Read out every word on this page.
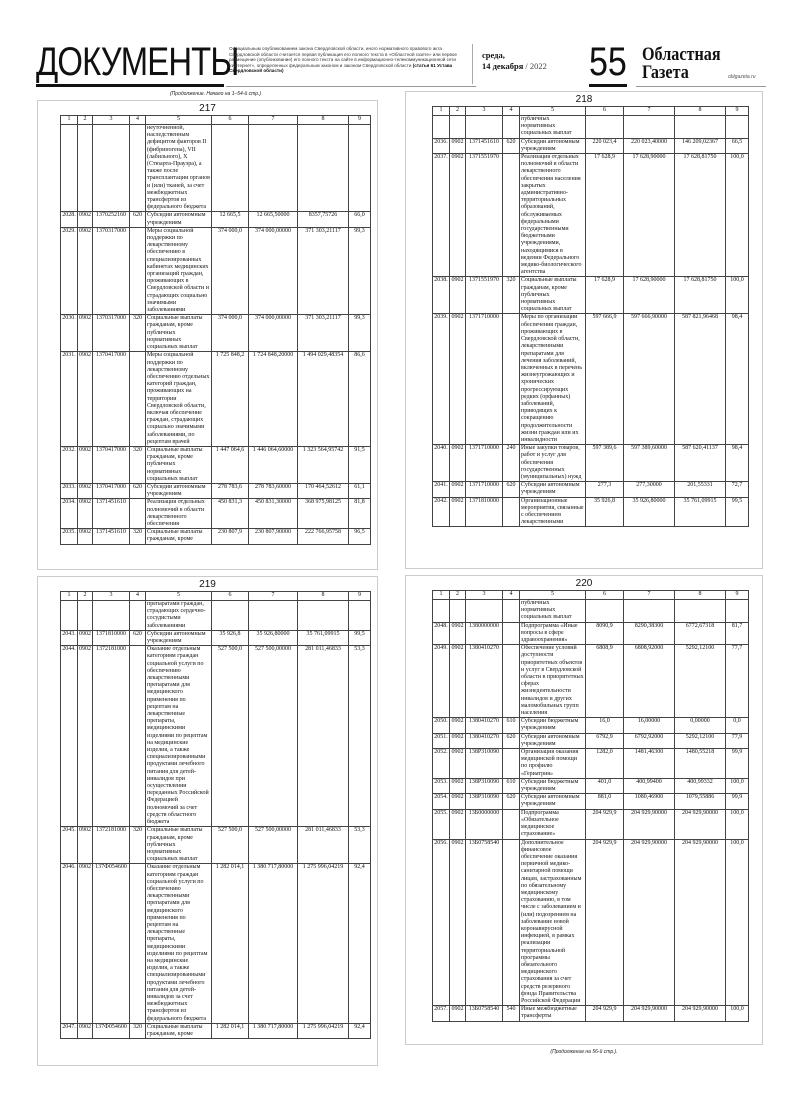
ДОКУМЕНТЫ
Официальным опубликованием закона Свердловской области, иного нормативного правового акта Свердловской области считается первая публикация его полного текста в «Областной газете» или первое размещение (опубликование) его полного текста на сайте в информационно-телекоммуникационной сети «Интернет», определенных федеральным законом и законом Свердловской области (статья 61 Устава Свердловской области)
среда,
14 декабря / 2022 55 Областная
Газета	oblgazeta.ru
(Продолжение. Начало на 1–54-й стр.)
217
1	2	3	4	5	6	7	8	9
				неуточненной, наследственным дефицитом факторов II (фибриногена), VII (лабильного), X (Стюарта-Прауэра), а также после трансплантации органов и (или) тканей, за счет межбюджетных трансфертов из федерального бюджета				
2028.	0902	1370252160	620	Субсидии автономным учреждениям	12 665,5	12 665,50000	8357,75726	66,0
2029.	0902	1370317000		Меры социальной поддержки по лекарственному обеспечению в специализированных кабинетах медицинских организаций граждан, проживающих в Свердловской области и страдающих социально значимыми заболеваниями	374 000,0	374 000,00000	371 303,21117	99,3
2030.	0902	1370317000	320	Социальные выплаты гражданам, кроме публичных нормативных социальных выплат	374 000,0	374 000,00000	371 303,21117	99,3
2031.	0902	1370417000		Меры социальной поддержки по лекарственному обеспечению отдельных категорий граждан, проживающих на территории Свердловской области, включая обеспечение граждан, страдающих социально значимыми заболеваниями, по рецептам врачей	1 725 848,2	1 724 848,20000	1 494 029,48354	86,6
2032.	0902	1370417000	320	Социальные выплаты гражданам, кроме публичных нормативных социальных выплат	1 447 064,6	1 446 064,60000	1 323 564,95742	91,5
2033.	0902	1370417000	620	Субсидии автономным учреждениям	278 783,6	278 783,60000	170 464,52612	61,1
2034.	0902	1371451610		Реализация отдельных полномочий в области лекарственного обеспечения	450 831,3	450 831,30000	368 975,98125	81,8
2035.	0902	1371451610	320	Социальные выплаты гражданам, кроме	230 807,9	230 807,90000	222 766,95758	96,5
219
1	2	3	4	5	6	7	8	9
				препаратами граждан, страдающих сердечно-сосудистыми заболеваниями				
2043.	0902	1371810000	620	Субсидии автономным учреждениям	35 926,8	35 926,80000	35 761,09915	99,5
2044.	0902	1372181000		Оказание отдельным категориям граждан социальной услуги по обеспечению лекарственными препаратами для медицинского применения по рецептам на лекарственные препараты, медицинскими изделиями по рецептам на медицинские изделия, а также специализированными продуктами лечебного питания для детей-инвалидов при осуществлении переданных Российской Федерацией полномочий за счет средств областного бюджета	527 500,0	527 500,00000	281 011,46833	53,3
2045.	0902	1372181000	320	Социальные выплаты гражданам, кроме публичных нормативных социальных выплат	527 500,0	527 500,00000	281 011,46833	53,3
2046.	0902	137Ф054600		Оказание отдельным категориям граждан социальной услуги по обеспечению лекарственными препаратами для медицинского применения по рецептам на лекарственные препараты, медицинскими изделиями по рецептам на медицинские изделия, а также специализированными продуктами лечебного питания для детей-инвалидов за счет межбюджетных трансфертов из федерального бюджета	1 282 014,1	1 380 717,80000	1 275 996,04219	92,4
2047.	0902	137Ф054600	320	Социальные выплаты гражданам, кроме	1 282 014,1	1 380 717,80000	1 275 996,04219	92,4
218
1	2	3	4	5	6	7	8	9
				публичных нормативных социальных выплат				
2036.	0902	1371451610	620	Субсидии автономным учреждениям	220 023,4	220 023,40000	146 209,02367	66,5
2037.	0902	1371551970		Реализация отдельных полномочий в области лекарственного обеспечения населения закрытых административно-территориальных образований, обслуживаемых федеральными государственными бюджетными учреждениями, находящимися в ведении Федерального медико-биологического агентства	17 628,9	17 628,90000	17 628,81750	100,0
2038.	0902	1371551970	320	Социальные выплаты гражданам, кроме публичных нормативных социальных выплат	17 628,9	17 628,90000	17 628,81750	100,0
2039.	0902	1371710000		Меры по организации обеспечения граждан, проживающих в Свердловской области, лекарственными препаратами для лечения заболеваний, включенных в перечень жизнеугрожающих и хронических прогрессирующих редких (орфанных) заболеваний, приводящих к сокращению продолжительности жизни граждан или их инвалидности	597 666,9	597 666,90000	587 821,96468	98,4
2040.	0902	1371710000	240	Иные закупки товаров, работ и услуг для обеспечения государственных (муниципальных) нужд	597 389,6	597 389,60000	587 620,41137	98,4
2041.	0902	1371710000	620	Субсидии автономным учреждениям	277,3	277,30000	201,55331	72,7
2042.	0902	1371810000		Организационные мероприятия, связанные с обеспечением лекарственными	35 926,8	35 926,80000	35 761,09915	99,5
220
1	2	3	4	5	6	7	8	9
				публичных нормативных социальных выплат				
2048.	0902	1380000000		Подпрограмма «Иные вопросы в сфере здравоохранения»	8090,9	8290,38300	6772,67318	81,7
2049.	0902	1380410270		Обеспечение условий доступности приоритетных объектов и услуг в Свердловской области в приоритетных сферах жизнедеятельности инвалидов и других маломобильных групп населения	6808,9	6808,92000	5292,12100	77,7
2050.	0902	1380410270	610	Субсидии бюджетным учреждениям	16,0	16,00000	0,00000	0,0
2051.	0902	1380410270	620	Субсидии автономным учреждениям	6792,9	6792,92000	5292,12100	77,9
2052.	0902	138P310090		Организация оказания медицинской помощи по профилю «Гериатрия»	1282,0	1481,46300	1480,55218	99,9
2053.	0902	138P310090	610	Субсидии бюджетным учреждениям	401,0	400,99400	400,99332	100,0
2054.	0902	138P310090	620	Субсидии автономным учреждениям	881,0	1080,46900	1079,55886	99,9
2055.	0902	13Б0000000		Подпрограмма «Обязательное медицинское страхование»	204 929,9	204 929,90000	204 929,90000	100,0
2056.	0902	13Б0758540		Дополнительное финансовое обеспечение оказания первичной медико-санитарной помощи лицам, застрахованным по обязательному медицинскому страхованию, в том числе с заболеванием и (или) подозрением на заболевание новой коронавирусной инфекцией, в рамках реализации территориальной программы обязательного медицинского страхования за счет средств резервного фонда Правительства Российской Федерации	204 929,9	204 929,90000	204 929,90000	100,0
2057.	0902	13Б0758540	540	Иные межбюджетные трансферты	204 929,9	204 929,90000	204 929,90000	100,0
(Продолжение на 56-й стр.).
